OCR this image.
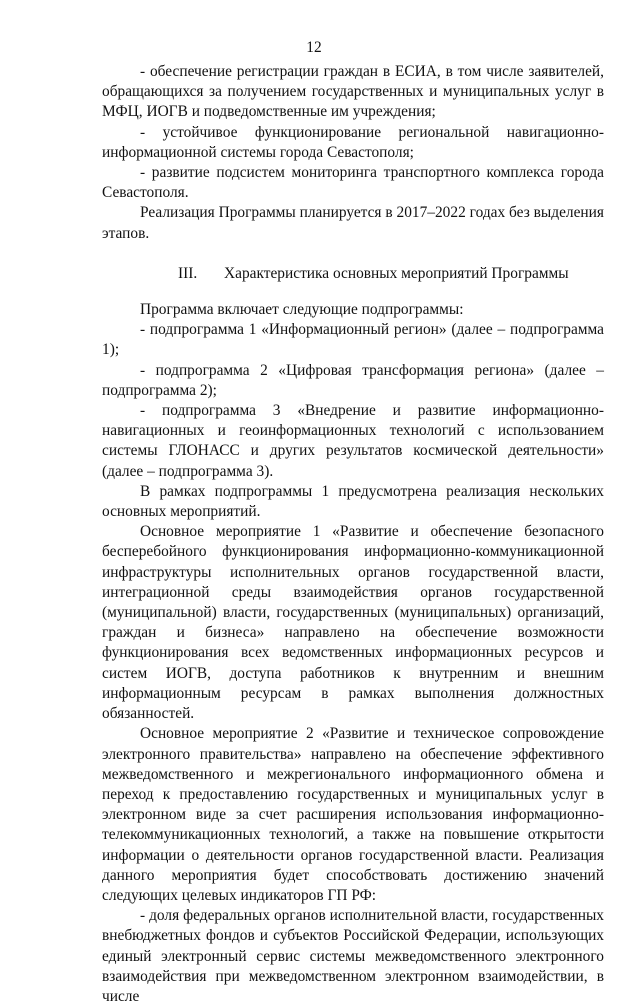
12

- обеспечение регистрации граждан в ЕСИА, в том числе заявителей, обращающихся за получением государственных и муниципальных услуг в МФЦ, ИОГВ и подведомственные им учреждения;

- устойчивое функционирование региональной навигационно-информационной системы города Севастополя;

- развитие подсистем мониторинга транспортного комплекса города Севастополя.

Реализация Программы планируется в 2017–2022 годах без выделения этапов.

III. Характеристика основных мероприятий Программы

Программа включает следующие подпрограммы:

- подпрограмма 1 «Информационный регион» (далее – подпрограмма 1);

- подпрограмма 2 «Цифровая трансформация региона» (далее – подпрограмма 2);

- подпрограмма 3 «Внедрение и развитие информационно-навигационных и геоинформационных технологий с использованием системы ГЛОНАСС и других результатов космической деятельности» (далее – подпрограмма 3).

В рамках подпрограммы 1 предусмотрена реализация нескольких основных мероприятий.

Основное мероприятие 1 «Развитие и обеспечение безопасного бесперебойного функционирования информационно-коммуникационной инфраструктуры исполнительных органов государственной власти, интеграционной среды взаимодействия органов государственной (муниципальной) власти, государственных (муниципальных) организаций, граждан и бизнеса» направлено на обеспечение возможности функционирования всех ведомственных информационных ресурсов и систем ИОГВ, доступа работников к внутренним и внешним информационным ресурсам в рамках выполнения должностных обязанностей.

Основное мероприятие 2 «Развитие и техническое сопровождение электронного правительства» направлено на обеспечение эффективного межведомственного и межрегионального информационного обмена и переход к предоставлению государственных и муниципальных услуг в электронном виде за счет расширения использования информационно-телекоммуникационных технологий, а также на повышение открытости информации о деятельности органов государственной власти. Реализация данного мероприятия будет способствовать достижению значений следующих целевых индикаторов ГП РФ:

- доля федеральных органов исполнительной власти, государственных внебюджетных фондов и субъектов Российской Федерации, использующих единый электронный сервис системы межведомственного электронного взаимодействия при межведомственном электронном взаимодействии, в числе
